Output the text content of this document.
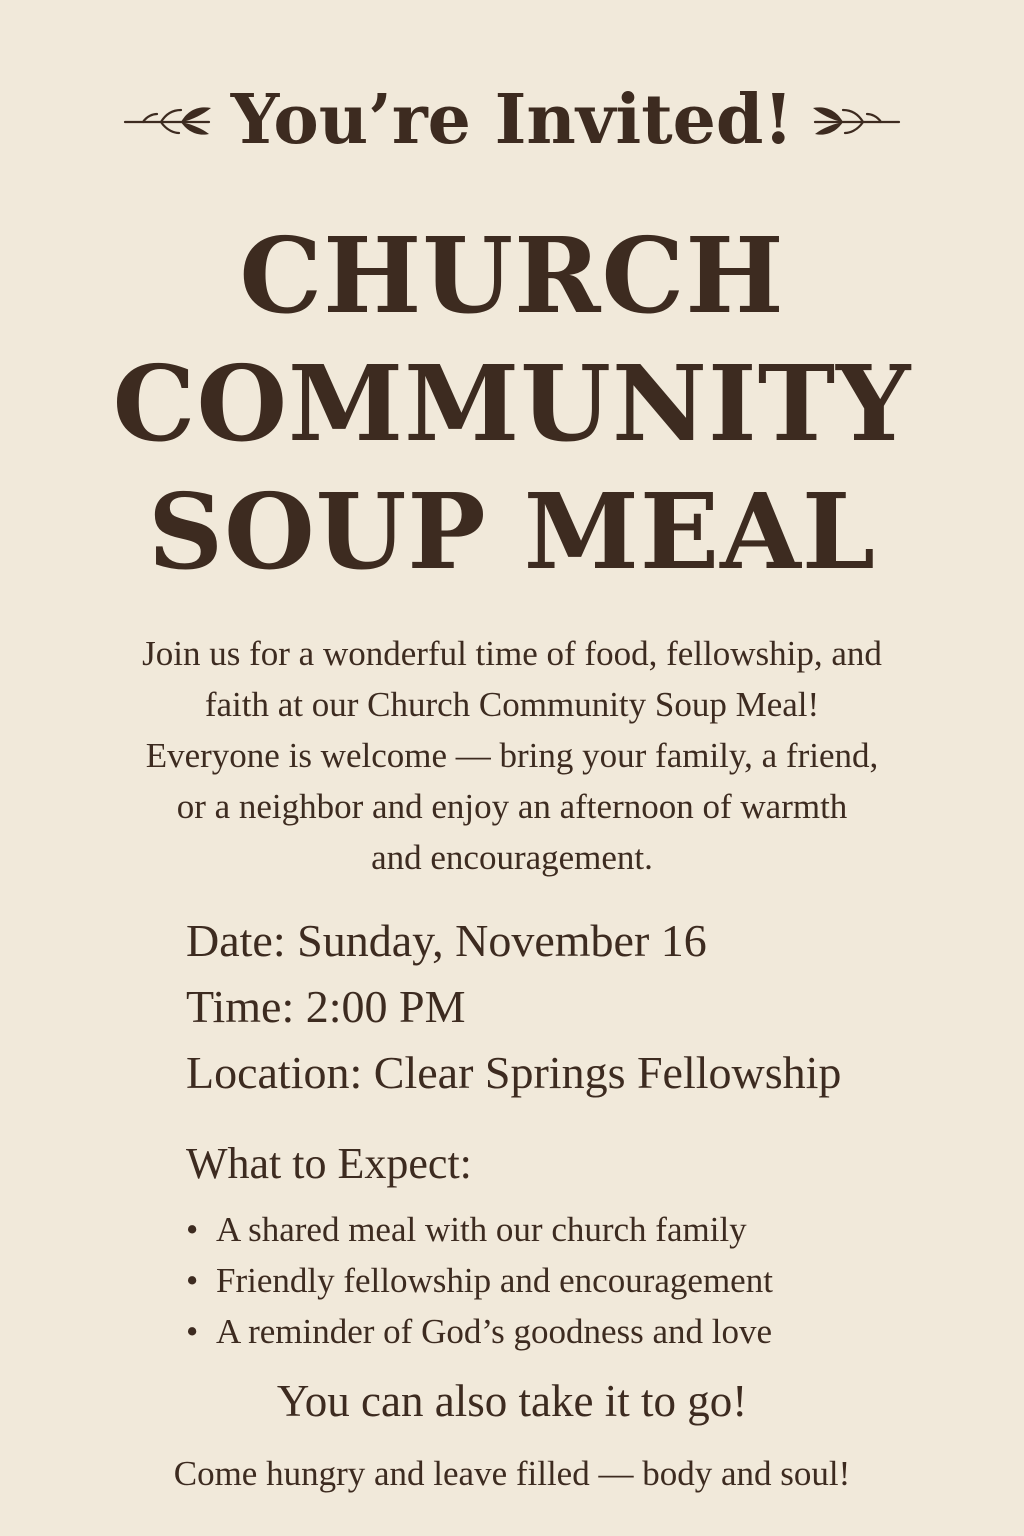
You’re Invited!
CHURCH
COMMUNITY
SOUP MEAL
Join us for a wonderful time of food, fellowship, and
faith at our Church Community Soup Meal!
Everyone is welcome — bring your family, a friend,
or a neighbor and enjoy an afternoon of warmth
and encouragement.
Date: Sunday, November 16
Time: 2:00 PM
Location: Clear Springs Fellowship
What to Expect:
• A shared meal with our church family
• Friendly fellowship and encouragement
• A reminder of God’s goodness and love
You can also take it to go!
Come hungry and leave filled — body and soul!
